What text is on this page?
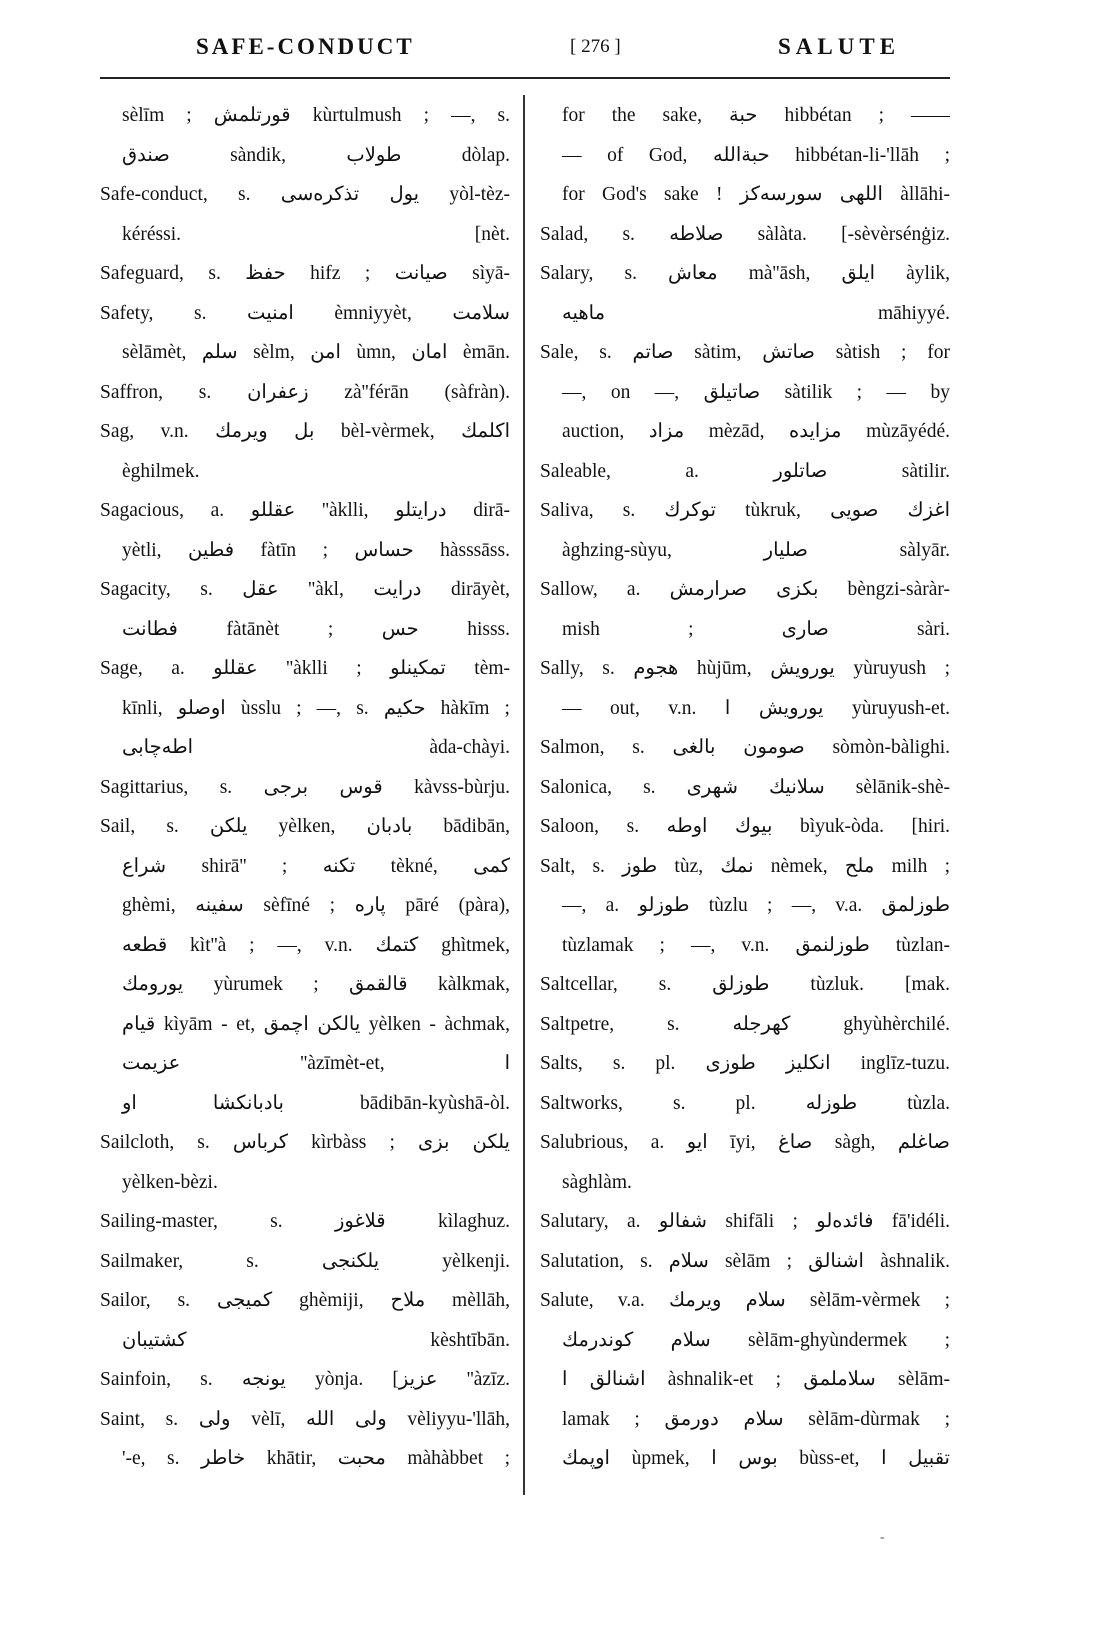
SAFE-CONDUCT	[ 276 ]	SALUTE
sèlīm ; قورتلمش kùrtulmush ; —, s.
صندق sàndik, طولاب dòlap.
Safe-conduct, s. يول تذكرەسى yòl-tèz-
kéréssi. [nèt.
Safeguard, s. حفظ hifz ; صيانت sìyā-
Safety, s. امنيت èmniyyèt, سلامت
sèlāmèt, سلم sèlm, امن ùmn, امان èmān.
Saffron, s. زعفران zà''férān (sàfràn).
Sag, v.n. بل ويرمك bèl-vèrmek, اكلمك
èghilmek.
Sagacious, a. عقللو ''àklli, درايتلو dirā-
yètli, فطين fàtīn ; حساس hàsssāss.
Sagacity, s. عقل ''àkl, درايت dirāyèt,
فطانت fàtānèt ; حس hisss.
Sage, a. عقللو ''àklli ; تمكينلو tèm-
kīnli, اوصلو ùsslu ; —, s. حكيم hàkīm ;
اطەچابى àda-chàyi.
Sagittarius, s. قوس برجى kàvss-bùrju.
Sail, s. يلكن yèlken, بادبان bādibān,
شراع shirā'' ; تكنە tèkné, كمى
ghèmi, سفينە sèfīné ; پارە pāré (pàra),
قطعە kìt''à ; —, v.n. كتمك ghìtmek,
يورومك yùrumek ; قالقمق kàlkmak,
قيام kìyām - et, يالكن اچمق yèlken - àchmak,
عزيمت ''àzīmèt-et, ا
بادبانكشا او bādibān-kyùshā-òl.
Sailcloth, s. كرباس kìrbàss ; يلكن بزى
yèlken-bèzi.
Sailing-master, s. قلاغوز kìlaghuz.
Sailmaker, s. يلكنجى yèlkenji.
Sailor, s. كميجى ghèmiji, ملاح mèllāh,
كشتيبان kèshtībān.
Sainfoin, s. يونجە yònja. [عزيز ''àzīz.
Saint, s. ولى vèlī, ولى الله vèliyyu-'llāh,
'-e, s. خاطر khātir, محبت màhàbbet ;
for the sake, حبة hibbétan ; ——
— of God, حبةالله hibbétan-li-'llāh ;
for God's sake ! اللهى سورسەكز àllāhi-
Salad, s. صلاطە sàlàta. [-sèvèrsénġiz.
Salary, s. معاش mà''āsh, ايلق àylik,
ماهيە māhiyyé.
Sale, s. صاتم sàtim, صاتش sàtish ; for
—, on —, صاتيلق sàtilik ; — by
auction, مزاد mèzād, مزايدە mùzāyédé.
Saleable, a. صاتلور sàtilir.
Saliva, s. توكرك tùkruk, اغزك صويى
àghzing-sùyu, صليار sàlyār.
Sallow, a. بكزى صرارمش bèngzi-sàràr-
mish ; صارى sàri.
Sally, s. هجوم hùjūm, يورويش yùruyush ;
— out, v.n. يورويش ا yùruyush-et.
Salmon, s. صومون بالغى sòmòn-bàlighi.
Salonica, s. سلانيك شهرى sèlānik-shè-
Saloon, s. بيوك اوطه bìyuk-òda. [hiri.
Salt, s. طوز tùz, نمك nèmek, ملح milh ;
—, a. طوزلو tùzlu ; —, v.a. طوزلمق
tùzlamak ; —, v.n. طوزلنمق tùzlan-
Saltcellar, s. طوزلق tùzluk. [mak.
Saltpetre, s. كهرجلە ghyùhèrchilé.
Salts, s. pl. انكليز طوزى inglīz-tuzu.
Saltworks, s. pl. طوزلە tùzla.
Salubrious, a. ايو īyi, صاغ sàgh, صاغلم
sàghlàm.
Salutary, a. شفالو shifāli ; فائدەلو fā'idéli.
Salutation, s. سلام sèlām ; اشنالق àshnalik.
Salute, v.a. سلام ويرمك sèlām-vèrmek ;
سلام كوندرمك sèlām-ghyùndermek ;
اشنالق ا àshnalik-et ; سلاملمق sèlām-
lamak ; سلام دورمق sèlām-dùrmak ;
اوپمك ùpmek, بوس ا bùss-et, تقبيل ا
-
